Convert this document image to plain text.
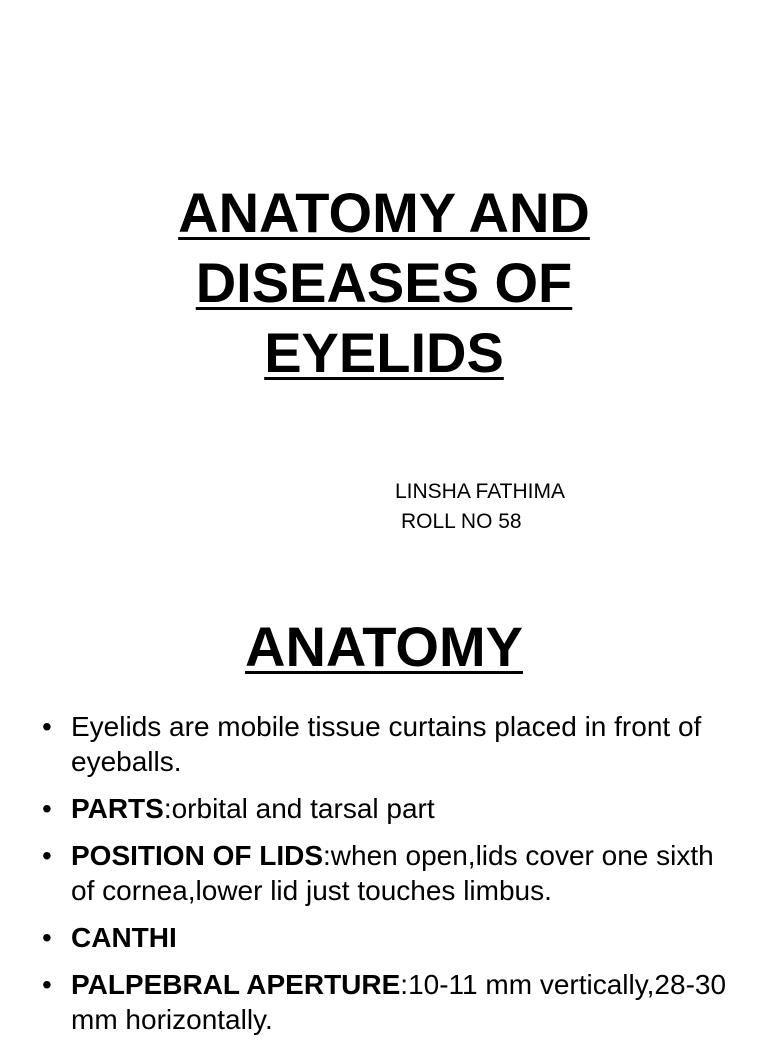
ANATOMY AND
DISEASES OF
EYELIDS
LINSHA FATHIMA
ROLL NO 58
ANATOMY
• Eyelids are mobile tissue curtains placed in front of eyeballs.
• PARTS:orbital and tarsal part
• POSITION OF LIDS:when open,lids cover one sixth of cornea,lower lid just touches limbus.
• CANTHI
• PALPEBRAL APERTURE:10-11 mm vertically,28-30 mm horizontally.
